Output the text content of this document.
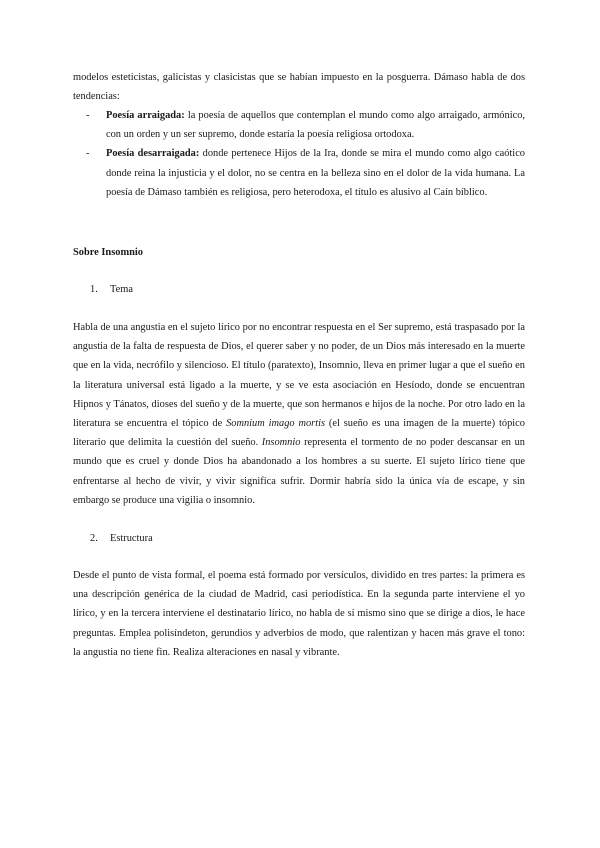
modelos esteticistas, galicistas y clasicistas que se habían impuesto en la posguerra. Dámaso habla de dos tendencias:

- Poesía arraigada: la poesía de aquellos que contemplan el mundo como algo arraigado, armónico, con un orden y un ser supremo, donde estaría la poesía religiosa ortodoxa.
- Poesía desarraigada: donde pertenece Hijos de la Ira, donde se mira el mundo como algo caótico donde reina la injusticia y el dolor, no se centra en la belleza sino en el dolor de la vida humana. La poesía de Dámaso también es religiosa, pero heterodoxa, el título es alusivo al Caín bíblico.
Sobre Insomnio
1. Tema

Habla de una angustia en el sujeto lírico por no encontrar respuesta en el Ser supremo, está traspasado por la angustia de la falta de respuesta de Dios, el querer saber y no poder, de un Dios más interesado en la muerte que en la vida, necrófilo y silencioso. El título (paratexto), Insomnio, lleva en primer lugar a que el sueño en la literatura universal está ligado a la muerte, y se ve esta asociación en Hesíodo, donde se encuentran Hipnos y Tánatos, dioses del sueño y de la muerte, que son hermanos e hijos de la noche. Por otro lado en la literatura se encuentra el tópico de Somnium imago mortis (el sueño es una imagen de la muerte) tópico literario que delimita la cuestión del sueño. Insomnio representa el tormento de no poder descansar en un mundo que es cruel y donde Dios ha abandonado a los hombres a su suerte. El sujeto lírico tiene que enfrentarse al hecho de vivir, y vivir significa sufrir. Dormir habría sido la única vía de escape, y sin embargo se produce una vigilia o insomnio.

2. Estructura

Desde el punto de vista formal, el poema está formado por versículos, dividido en tres partes: la primera es una descripción genérica de la ciudad de Madrid, casi periodística. En la segunda parte interviene el yo lírico, y en la tercera interviene el destinatario lírico, no habla de sí mismo sino que se dirige a dios, le hace preguntas. Emplea polisíndeton, gerundios y adverbios de modo, que ralentizan y hacen más grave el tono: la angustia no tiene fin. Realiza alteraciones en nasal y vibrante.
